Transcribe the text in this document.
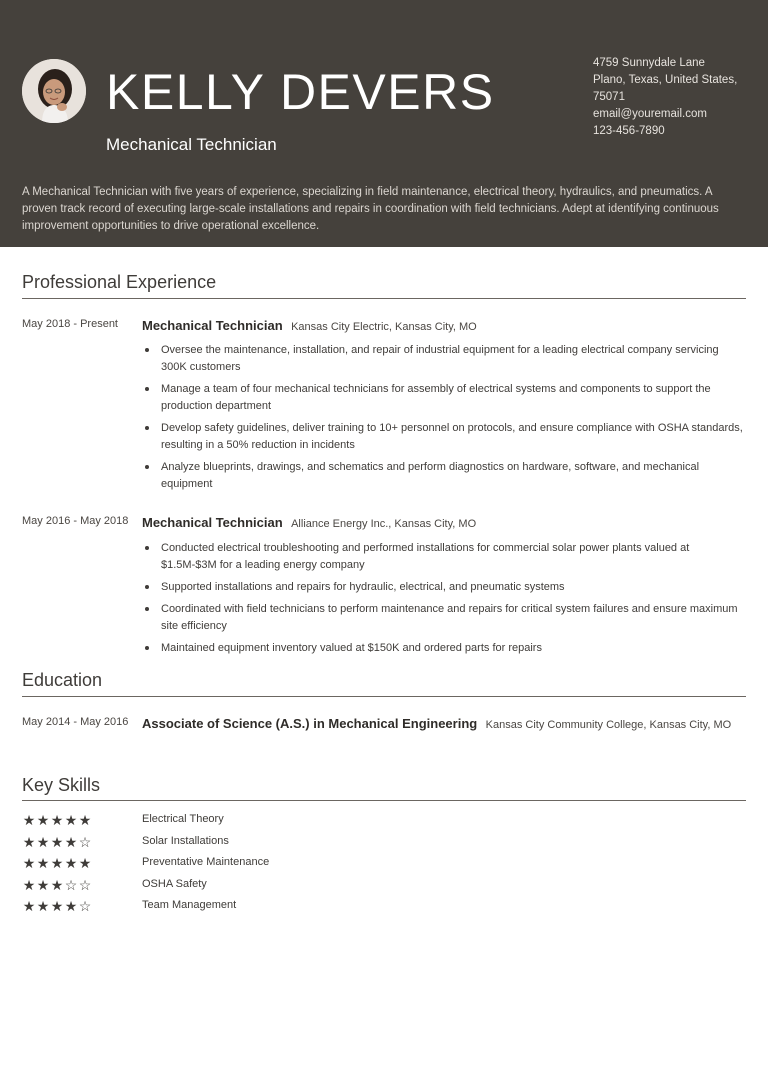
KELLY DEVERS
Mechanical Technician
4759 Sunnydale Lane
Plano, Texas, United States,
75071
email@youremail.com
123-456-7890
A Mechanical Technician with five years of experience, specializing in field maintenance, electrical theory, hydraulics, and pneumatics. A proven track record of executing large-scale installations and repairs in coordination with field technicians. Adept at identifying continuous improvement opportunities to drive operational excellence.
Professional Experience
May 2018 - Present Mechanical Technician Kansas City Electric, Kansas City, MO
Oversee the maintenance, installation, and repair of industrial equipment for a leading electrical company servicing 300K customers
Manage a team of four mechanical technicians for assembly of electrical systems and components to support the production department
Develop safety guidelines, deliver training to 10+ personnel on protocols, and ensure compliance with OSHA standards, resulting in a 50% reduction in incidents
Analyze blueprints, drawings, and schematics and perform diagnostics on hardware, software, and mechanical equipment
May 2016 - May 2018 Mechanical Technician Alliance Energy Inc., Kansas City, MO
Conducted electrical troubleshooting and performed installations for commercial solar power plants valued at $1.5M-$3M for a leading energy company
Supported installations and repairs for hydraulic, electrical, and pneumatic systems
Coordinated with field technicians to perform maintenance and repairs for critical system failures and ensure maximum site efficiency
Maintained equipment inventory valued at $150K and ordered parts for repairs
Education
May 2014 - May 2016 Associate of Science (A.S.) in Mechanical Engineering Kansas City Community College, Kansas City, MO
Key Skills
★★★★★	Electrical Theory
★★★★☆	Solar Installations
★★★★★	Preventative Maintenance
★★★☆☆	OSHA Safety
★★★★☆	Team Management
